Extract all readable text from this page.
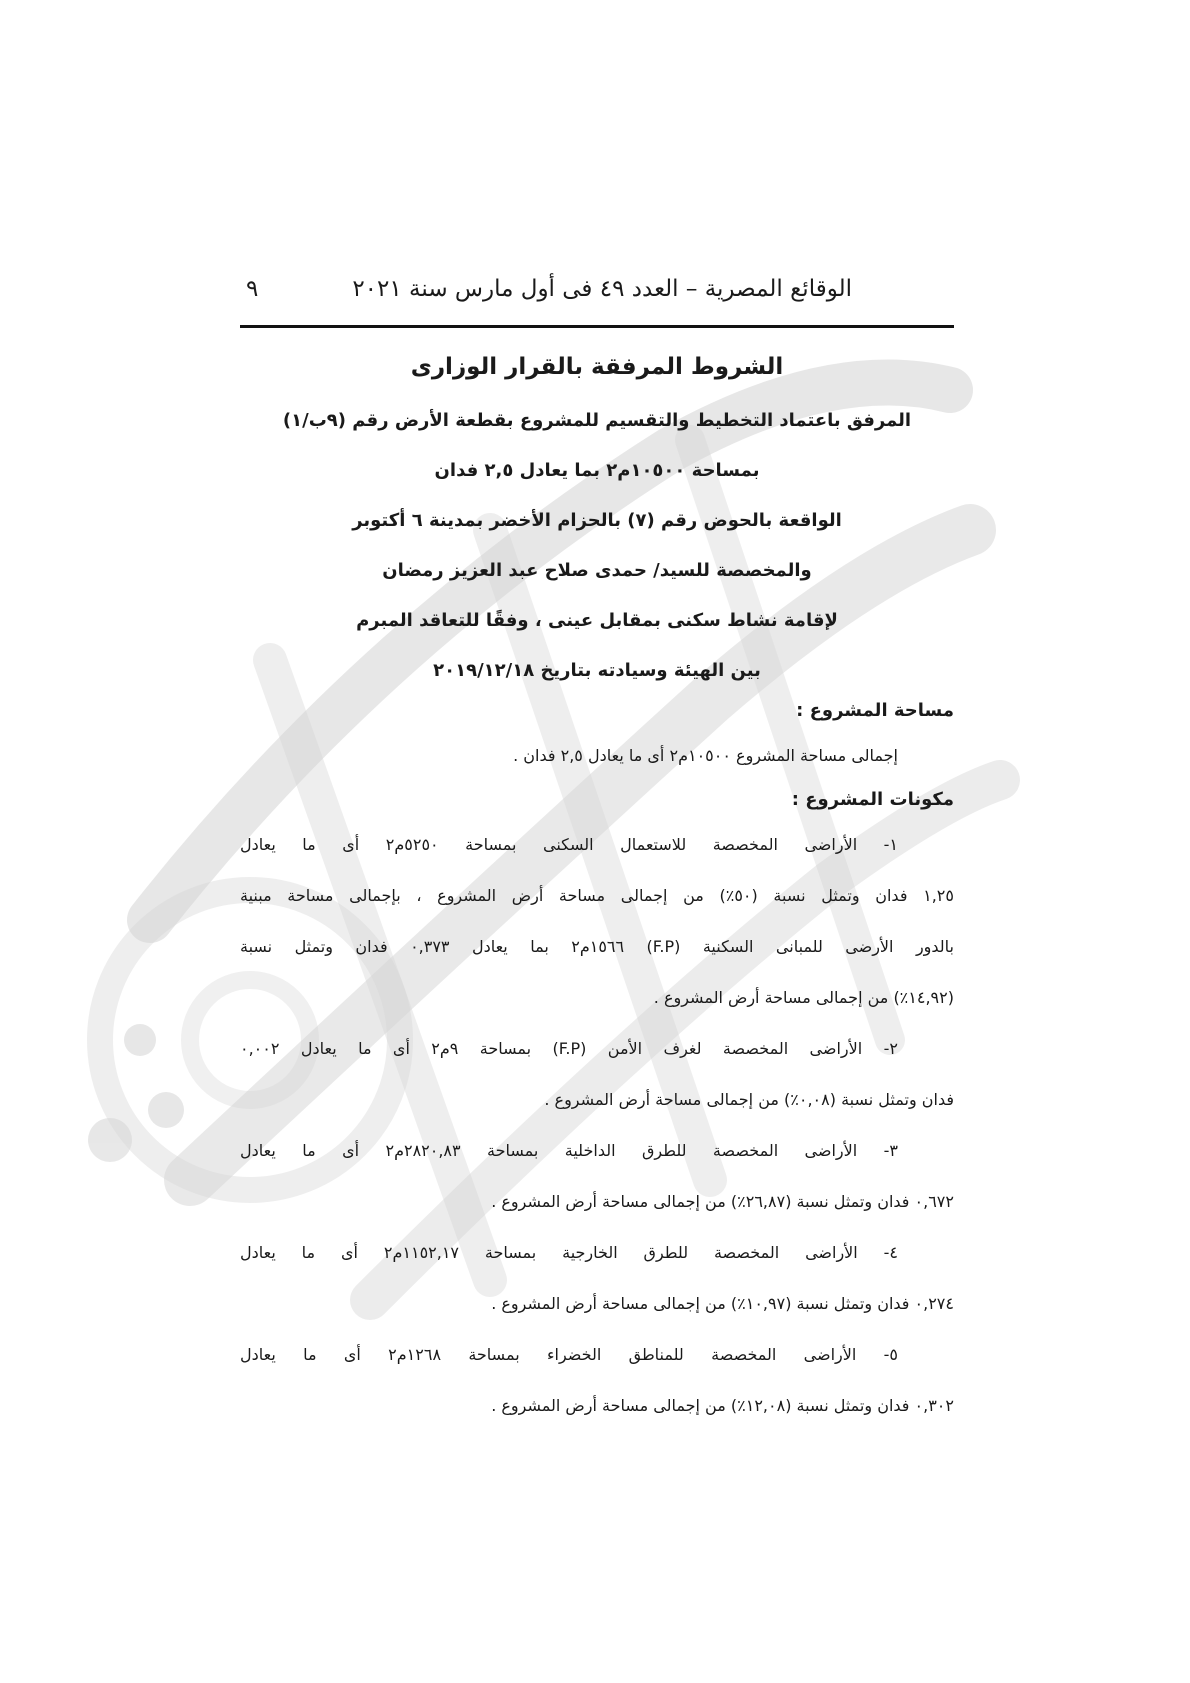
الوقائع المصرية – العدد ٤٩ فى أول مارس سنة ٢٠٢١
٩

الشروط المرفقة بالقرار الوزارى

المرفق باعتماد التخطيط والتقسيم للمشروع بقطعة الأرض رقم (٩ب/١)

بمساحة ١٠٥٠٠م٢ بما يعادل ٢,٥ فدان

الواقعة بالحوض رقم (٧) بالحزام الأخضر بمدينة ٦ أكتوبر

والمخصصة للسيد/ حمدى صلاح عبد العزيز رمضان

لإقامة نشاط سكنى بمقابل عينى ، وفقًا للتعاقد المبرم

بين الهيئة وسيادته بتاريخ ٢٠١٩/١٢/١٨

مساحة المشروع :

إجمالى مساحة المشروع ١٠٥٠٠م٢ أى ما يعادل ٢,٥ فدان .

مكونات المشروع :

١- الأراضى المخصصة للاستعمال السكنى بمساحة ٥٢٥٠م٢ أى ما يعادل

١,٢٥ فدان وتمثل نسبة (٥٠٪) من إجمالى مساحة أرض المشروع ، بإجمالى مساحة مبنية

بالدور الأرضى للمبانى السكنية (F.P) ١٥٦٦م٢ بما يعادل ٠,٣٧٣ فدان وتمثل نسبة

(١٤,٩٢٪) من إجمالى مساحة أرض المشروع .

٢- الأراضى المخصصة لغرف الأمن (F.P) بمساحة ٩م٢ أى ما يعادل ٠,٠٠٢

فدان وتمثل نسبة (٠,٠٨٪) من إجمالى مساحة أرض المشروع .

٣- الأراضى المخصصة للطرق الداخلية بمساحة ٢٨٢٠,٨٣م٢ أى ما يعادل

٠,٦٧٢ فدان وتمثل نسبة (٢٦,٨٧٪) من إجمالى مساحة أرض المشروع .

٤- الأراضى المخصصة للطرق الخارجية بمساحة ١١٥٢,١٧م٢ أى ما يعادل

٠,٢٧٤ فدان وتمثل نسبة (١٠,٩٧٪) من إجمالى مساحة أرض المشروع .

٥- الأراضى المخصصة للمناطق الخضراء بمساحة ١٢٦٨م٢ أى ما يعادل

٠,٣٠٢ فدان وتمثل نسبة (١٢,٠٨٪) من إجمالى مساحة أرض المشروع .
